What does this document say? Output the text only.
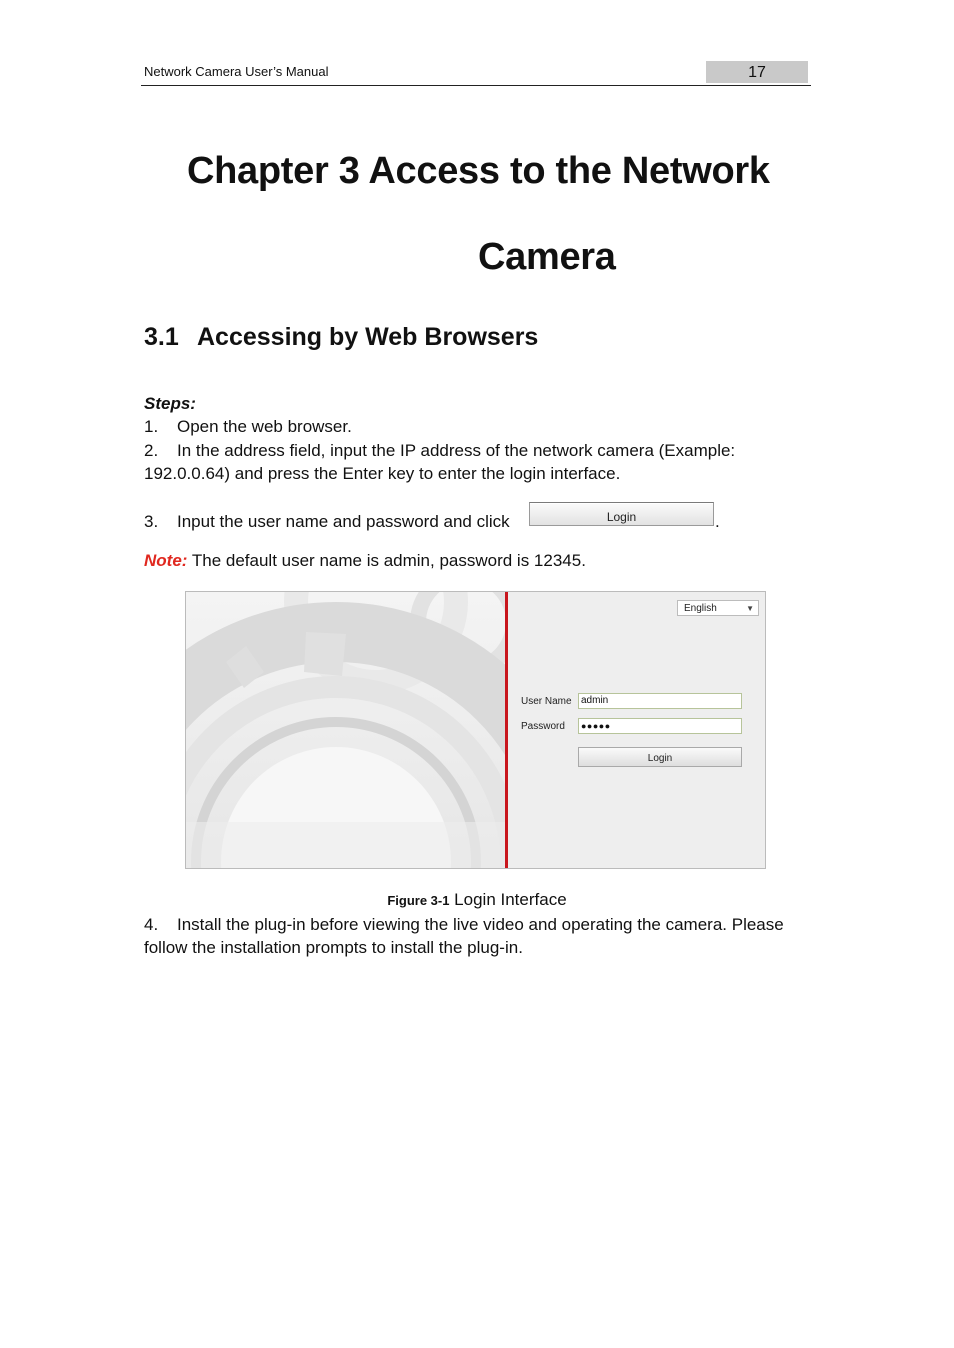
Network Camera User’s Manual	17
Chapter 3 Access to the Network
Camera
3.1 Accessing by Web Browsers
Steps:
1. Open the web browser.
2. In the address field, input the IP address of the network camera (Example:
192.0.0.64) and press the Enter key to enter the login interface.
3. Input the user name and password and click	Login	.
Note: The default user name is admin, password is 12345.
English	▼
User Name admin
Password	●●●●●
Login
Figure 3-1 Login Interface
4. Install the plug-in before viewing the live video and operating the camera. Please
follow the installation prompts to install the plug-in.
